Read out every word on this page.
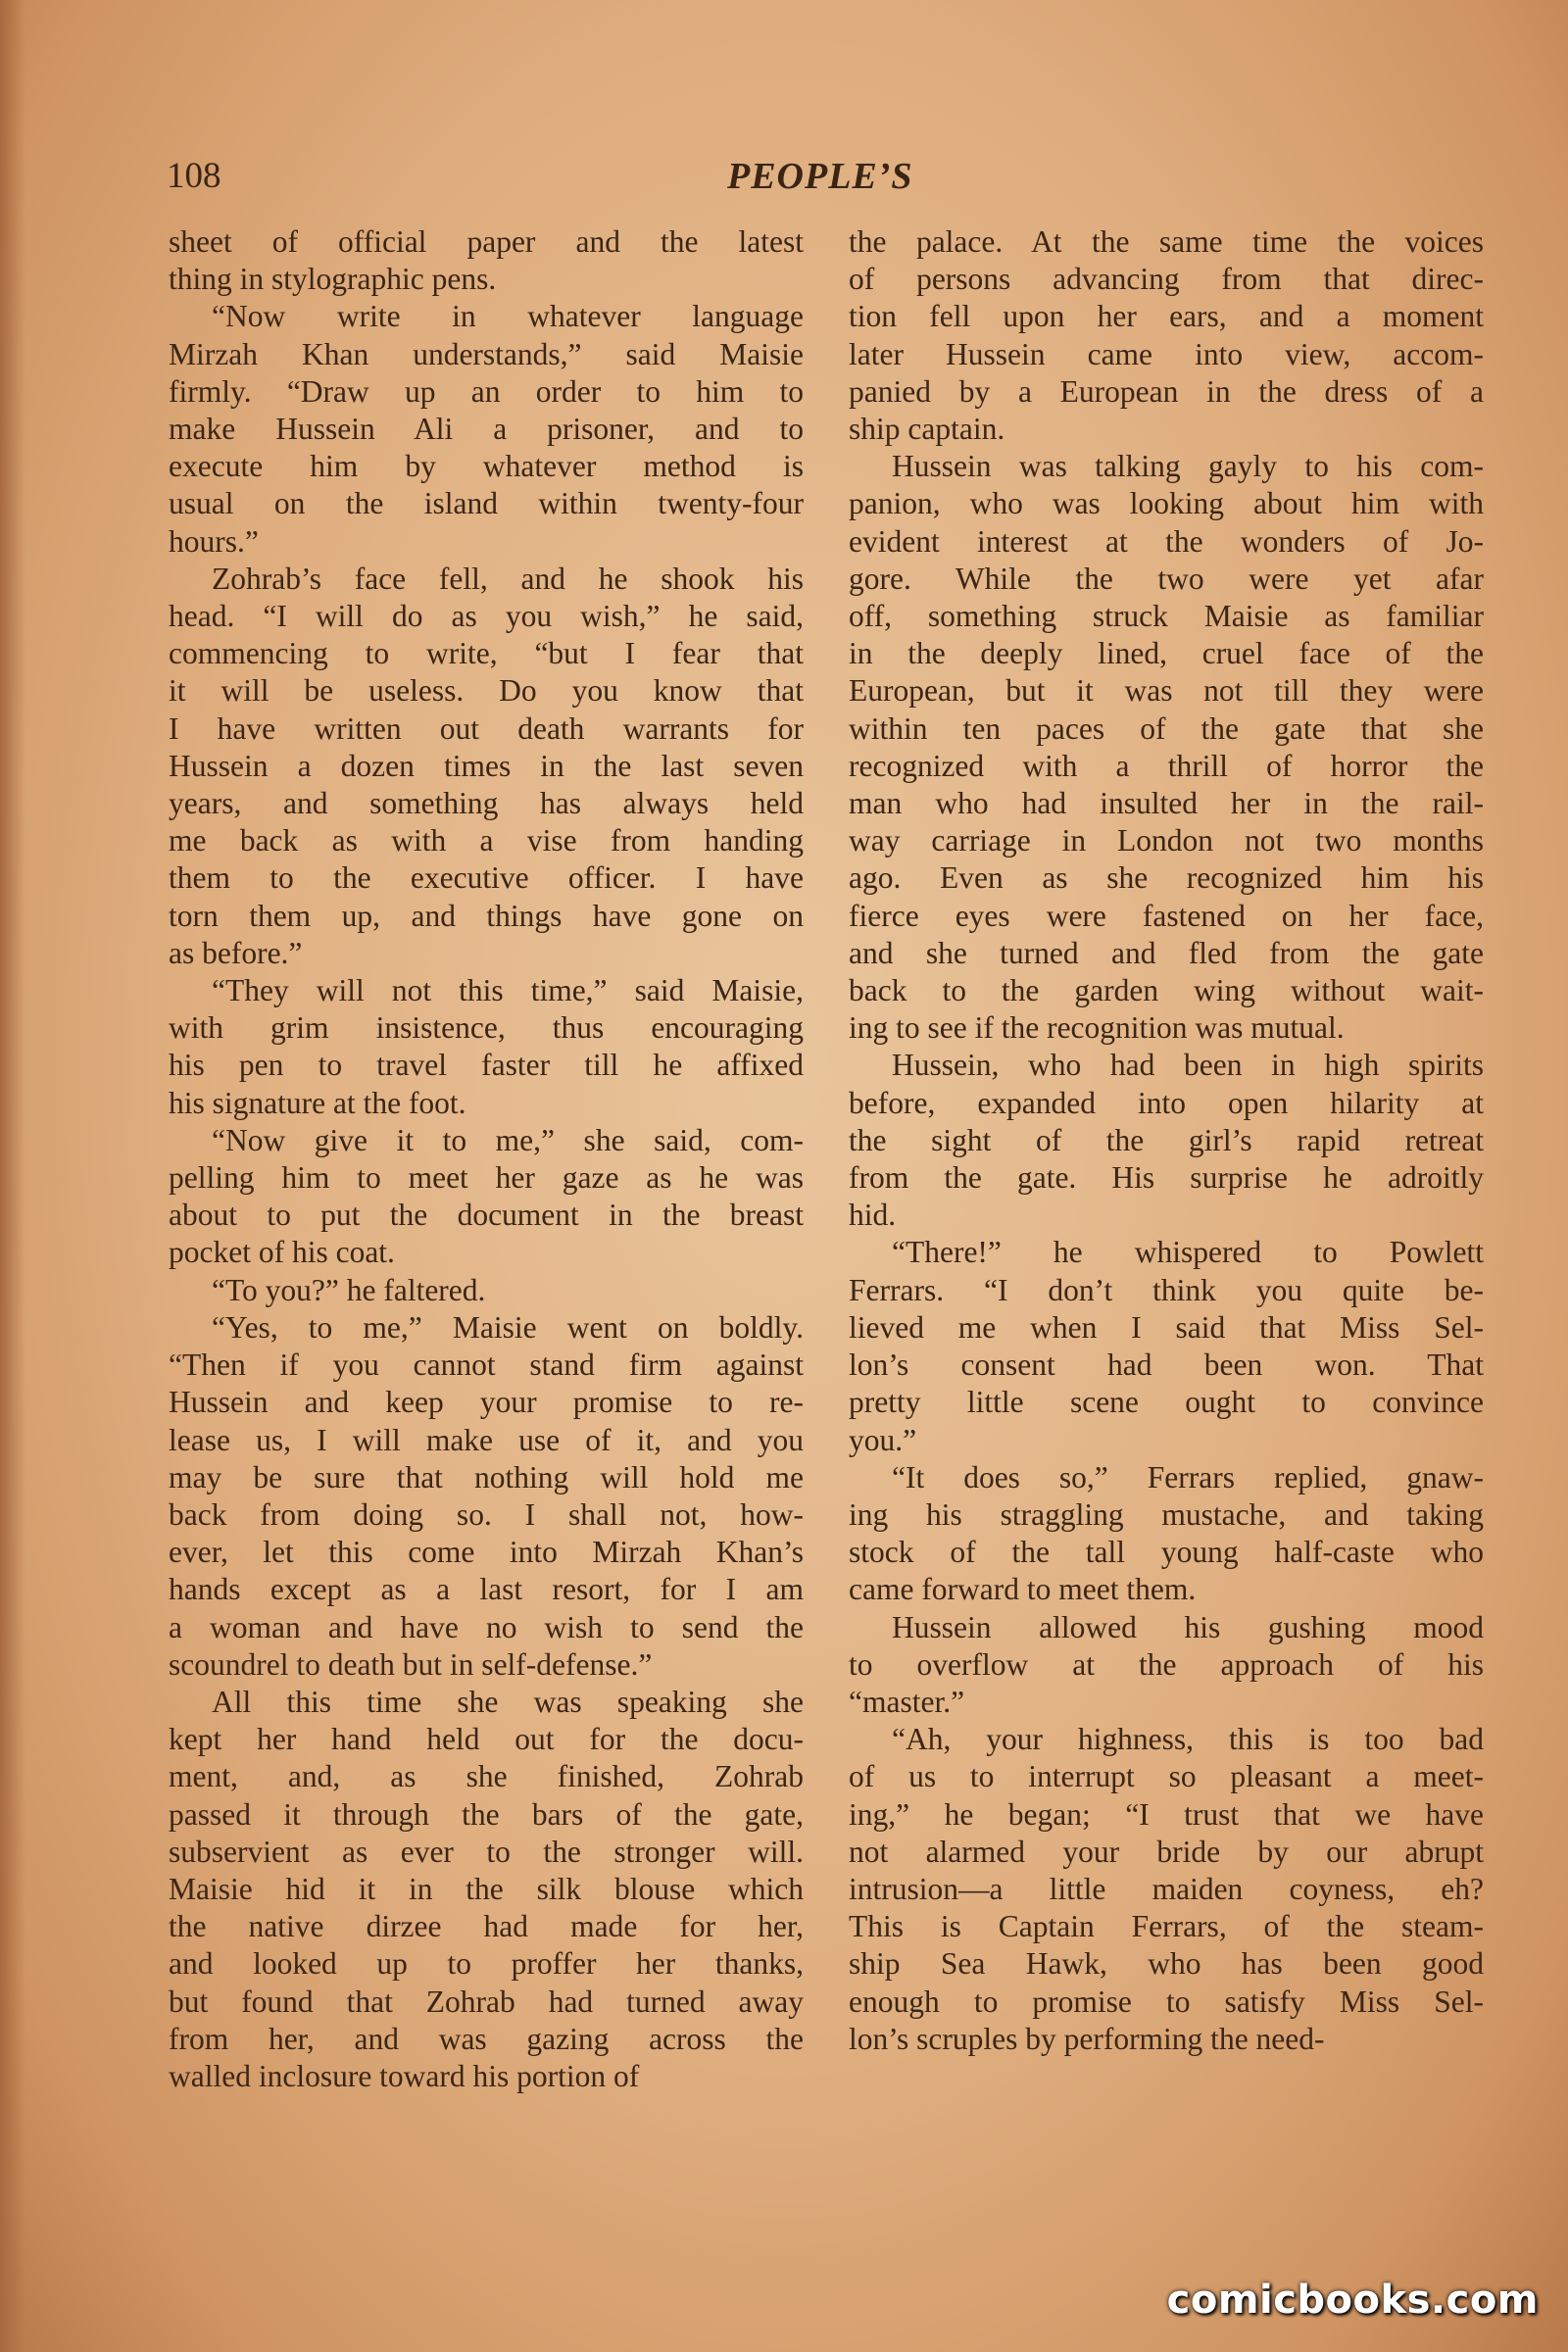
108	PEOPLE’S
sheet of official paper and the latest
thing in stylographic pens.
“Now write in whatever language
Mirzah Khan understands,” said Maisie
firmly. “Draw up an order to him to
make Hussein Ali a prisoner, and to
execute him by whatever method is
usual on the island within twenty-four
hours.”
Zohrab’s face fell, and he shook his
head. “I will do as you wish,” he said,
commencing to write, “but I fear that
it will be useless. Do you know that
I have written out death warrants for
Hussein a dozen times in the last seven
years, and something has always held
me back as with a vise from handing
them to the executive officer. I have
torn them up, and things have gone on
as before.”
“They will not this time,” said Maisie,
with grim insistence, thus encouraging
his pen to travel faster till he affixed
his signature at the foot.
“Now give it to me,” she said, com-
pelling him to meet her gaze as he was
about to put the document in the breast
pocket of his coat.
“To you?” he faltered.
“Yes, to me,” Maisie went on boldly.
“Then if you cannot stand firm against
Hussein and keep your promise to re-
lease us, I will make use of it, and you
may be sure that nothing will hold me
back from doing so. I shall not, how-
ever, let this come into Mirzah Khan’s
hands except as a last resort, for I am
a woman and have no wish to send the
scoundrel to death but in self-defense.”
All this time she was speaking she
kept her hand held out for the docu-
ment, and, as she finished, Zohrab
passed it through the bars of the gate,
subservient as ever to the stronger will.
Maisie hid it in the silk blouse which
the native dirzee had made for her,
and looked up to proffer her thanks,
but found that Zohrab had turned away
from her, and was gazing across the
walled inclosure toward his portion of
the palace. At the same time the voices
of persons advancing from that direc-
tion fell upon her ears, and a moment
later Hussein came into view, accom-
panied by a European in the dress of a
ship captain.
Hussein was talking gayly to his com-
panion, who was looking about him with
evident interest at the wonders of Jo-
gore. While the two were yet afar
off, something struck Maisie as familiar
in the deeply lined, cruel face of the
European, but it was not till they were
within ten paces of the gate that she
recognized with a thrill of horror the
man who had insulted her in the rail-
way carriage in London not two months
ago. Even as she recognized him his
fierce eyes were fastened on her face,
and she turned and fled from the gate
back to the garden wing without wait-
ing to see if the recognition was mutual.
Hussein, who had been in high spirits
before, expanded into open hilarity at
the sight of the girl’s rapid retreat
from the gate. His surprise he adroitly
hid.
“There!” he whispered to Powlett
Ferrars. “I don’t think you quite be-
lieved me when I said that Miss Sel-
lon’s consent had been won. That
pretty little scene ought to convince
you.”
“It does so,” Ferrars replied, gnaw-
ing his straggling mustache, and taking
stock of the tall young half-caste who
came forward to meet them.
Hussein allowed his gushing mood
to overflow at the approach of his
“master.”
“Ah, your highness, this is too bad
of us to interrupt so pleasant a meet-
ing,” he began; “I trust that we have
not alarmed your bride by our abrupt
intrusion—a little maiden coyness, eh?
This is Captain Ferrars, of the steam-
ship Sea Hawk, who has been good
enough to promise to satisfy Miss Sel-
lon’s scruples by performing the need-
comicbooks.com
